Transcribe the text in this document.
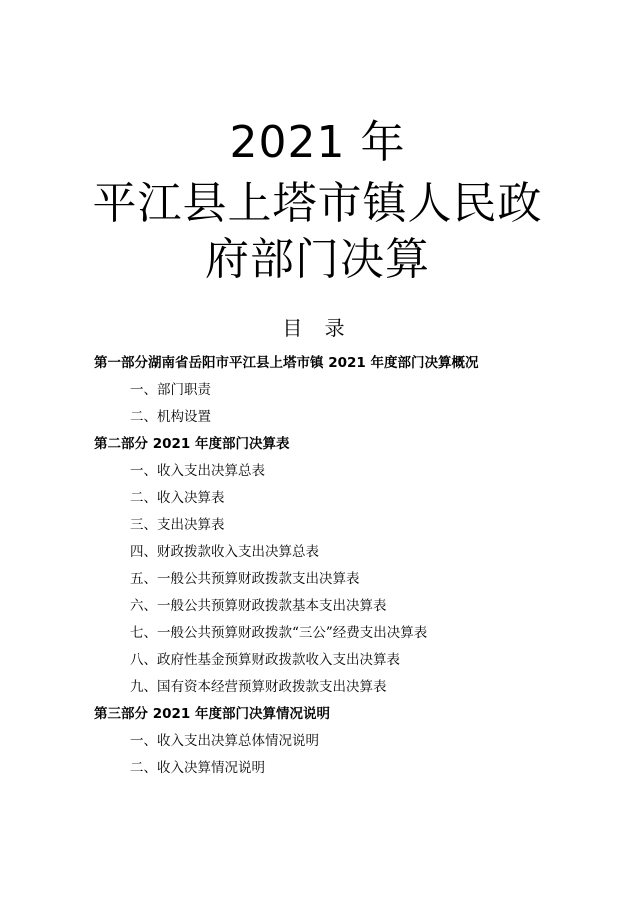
2021 年
平江县上塔市镇人民政
府部门决算
目 录
第一部分湖南省岳阳市平江县上塔市镇 2021 年度部门决算概况
一、部门职责
二、机构设置
第二部分 2021 年度部门决算表
一、收入支出决算总表
二、收入决算表
三、支出决算表
四、财政拨款收入支出决算总表
五、一般公共预算财政拨款支出决算表
六、一般公共预算财政拨款基本支出决算表
七、一般公共预算财政拨款“三公”经费支出决算表
八、政府性基金预算财政拨款收入支出决算表
九、国有资本经营预算财政拨款支出决算表
第三部分 2021 年度部门决算情况说明
一、收入支出决算总体情况说明
二、收入决算情况说明
